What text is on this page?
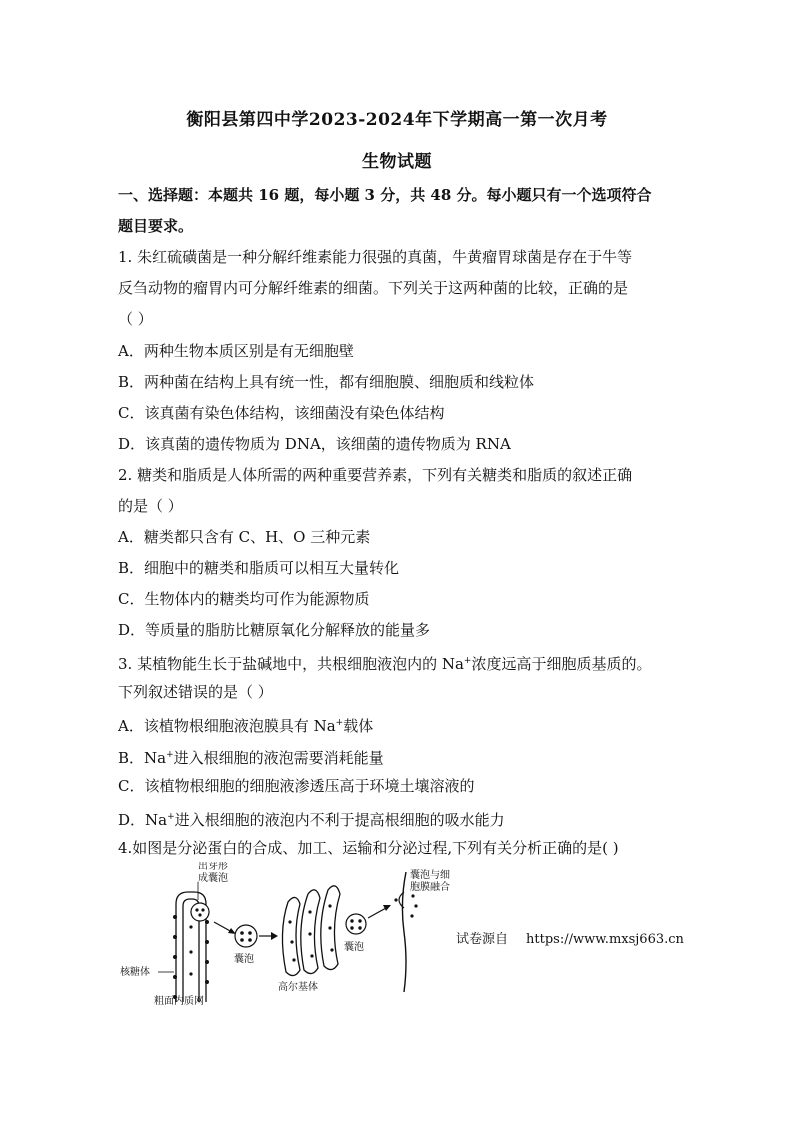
衡阳县第四中学2023-2024年下学期高一第一次月考
生物试题
一、选择题：本题共 16 题，每小题 3 分，共 48 分。每小题只有一个选项符合
题目要求。
1. 朱红硫磺菌是一种分解纤维素能力很强的真菌，牛黄瘤胃球菌是存在于牛等
反刍动物的瘤胃内可分解纤维素的细菌。下列关于这两种菌的比较，正确的是
（ ）
A．两种生物本质区别是有无细胞壁
B．两种菌在结构上具有统一性，都有细胞膜、细胞质和线粒体
C．该真菌有染色体结构，该细菌没有染色体结构
D．该真菌的遗传物质为 DNA，该细菌的遗传物质为 RNA
2. 糖类和脂质是人体所需的两种重要营养素，下列有关糖类和脂质的叙述正确
的是（ ）
A．糖类都只含有 C、H、O 三种元素
B．细胞中的糖类和脂质可以相互大量转化
C．生物体内的糖类均可作为能源物质
D．等质量的脂肪比糖原氧化分解释放的能量多
3. 某植物能生长于盐碱地中，共根细胞液泡内的 Na+浓度远高于细胞质基质的。
下列叙述错误的是（ ）
A．该植物根细胞液泡膜具有 Na+载体
B．Na+进入根细胞的液泡需要消耗能量
C．该植物根细胞的细胞液渗透压高于环境土壤溶液的
D．Na+进入根细胞的液泡内不利于提高根细胞的吸水能力
4.如图是分泌蛋白的合成、加工、运输和分泌过程,下列有关分析正确的是( )
出芽形
成囊泡
囊泡
高尔基体
囊泡
囊泡与细
胞膜融合
核糖体
粗面内质网
试卷源自 https://www.mxsj663.cn
